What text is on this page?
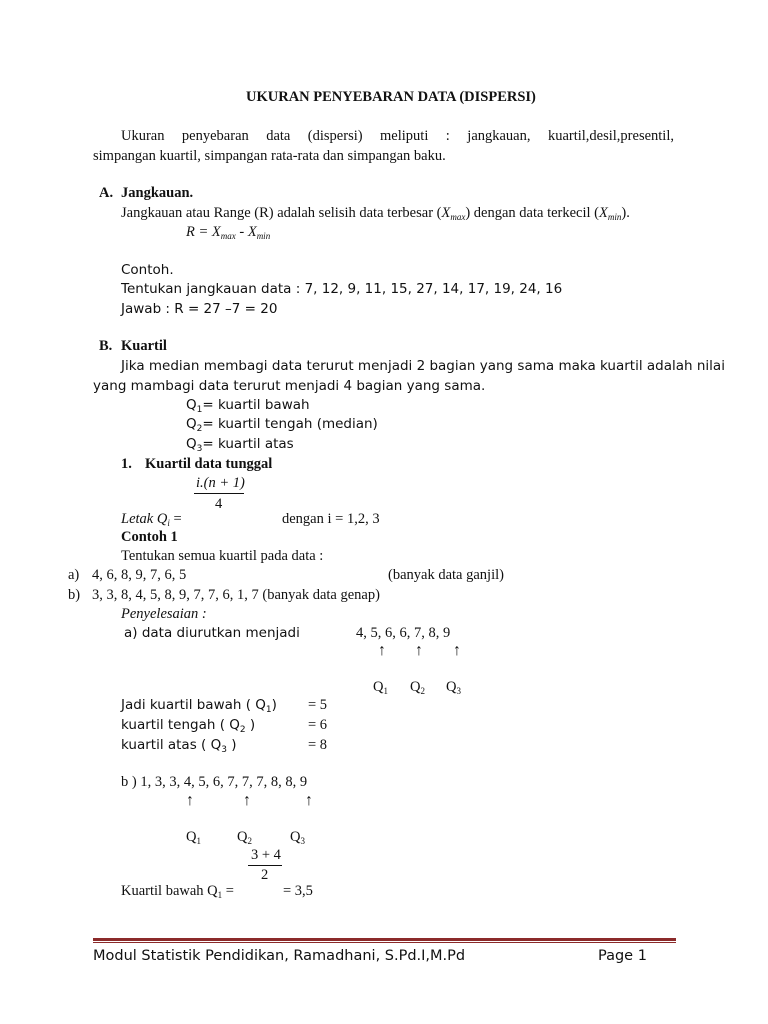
UKURAN PENYEBARAN DATA (DISPERSI)
Ukuran penyebaran data (dispersi) meliputi : jangkauan, kuartil,desil,presentil,
simpangan kuartil, simpangan rata-rata dan simpangan baku.
A. Jangkauan.
Jangkauan atau Range (R) adalah selisih data terbesar $(X_{max})$ dengan data terkecil $(X_{min})$.
$R = X_{max} - X_{min}$
Contoh.
Tentukan jangkauan data : 7, 12, 9, 11, 15, 27, 14, 17, 19, 24, 16
Jawab : R = 27 –7 = 20
B. Kuartil
Jika median membagi data terurut menjadi 2 bagian yang sama maka kuartil adalah nilai
yang mambagi data terurut menjadi 4 bagian yang sama.
$Q_1=$ kuartil bawah
$Q_2=$ kuartil tengah (median)
$Q_3=$ kuartil atas
1. Kuartil data tunggal
i.(n + 1)
4
Letak $Q_i$ =	dengan i = 1,2, 3
Contoh 1
Tentukan semua kuartil pada data :
a) 4, 6, 8, 9, 7, 6, 5	(banyak data ganjil)
b) 3, 3, 8, 4, 5, 8, 9, 7, 7, 6, 1, 7 (banyak data genap)
Penyelesaian :
a) data diurutkan menjadi	4, 5, 6, 6, 7, 8, 9
↑ ↑ ↑
$Q_1$ $Q_2$ $Q_3$
Jadi kuartil bawah ( $Q_1) = 5$
kuartil tengah ( $Q_2$ )	= 6
kuartil atas ( $Q_3$ )	= 8
b ) 1, 3, 3, 4, 5, 6, 7, 7, 7, 8, 8, 9
↑	↑	↑
$Q_1$ $Q_2$	$Q_3$
3 + 4
2
Kuartil bawah $Q_1$ =	= 3,5
Modul Statistik Pendidikan, Ramadhani, S.Pd.I,M.Pd	Page 1
